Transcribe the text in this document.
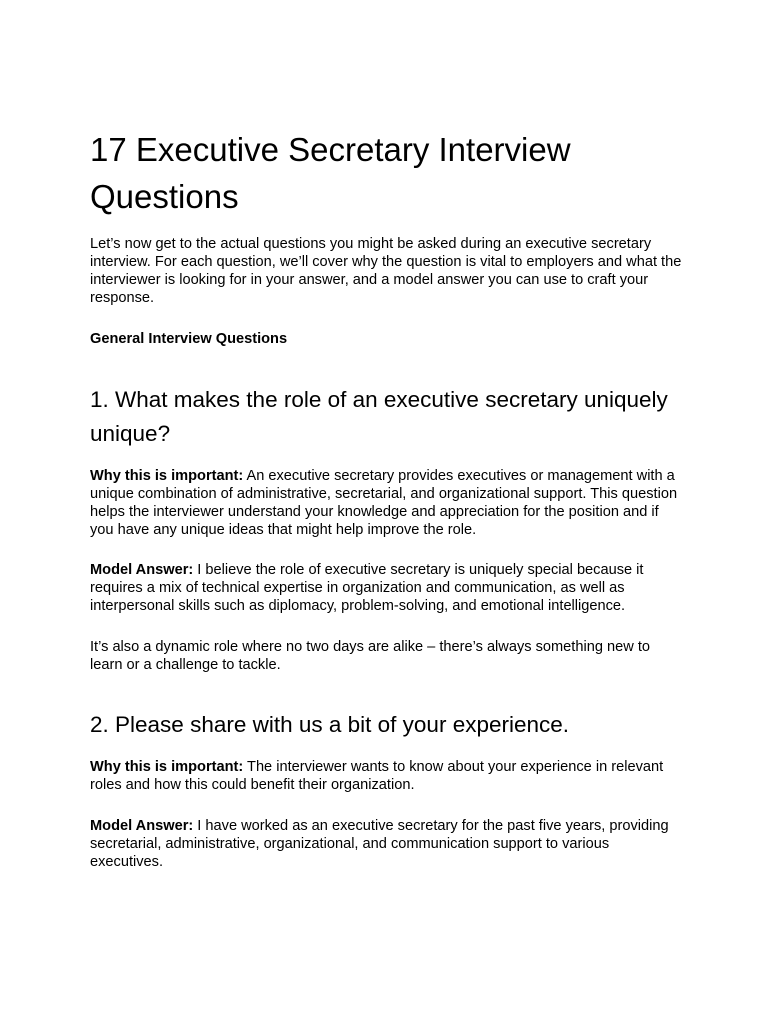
17 Executive Secretary Interview Questions

Let’s now get to the actual questions you might be asked during an executive secretary interview. For each question, we’ll cover why the question is vital to employers and what the interviewer is looking for in your answer, and a model answer you can use to craft your response.

General Interview Questions

1. What makes the role of an executive secretary uniquely unique?

Why this is important: An executive secretary provides executives or management with a unique combination of administrative, secretarial, and organizational support. This question helps the interviewer understand your knowledge and appreciation for the position and if you have any unique ideas that might help improve the role.

Model Answer: I believe the role of executive secretary is uniquely special because it requires a mix of technical expertise in organization and communication, as well as interpersonal skills such as diplomacy, problem-solving, and emotional intelligence.

It’s also a dynamic role where no two days are alike – there’s always something new to learn or a challenge to tackle.

2. Please share with us a bit of your experience.

Why this is important: The interviewer wants to know about your experience in relevant roles and how this could benefit their organization.

Model Answer: I have worked as an executive secretary for the past five years, providing secretarial, administrative, organizational, and communication support to various executives.
